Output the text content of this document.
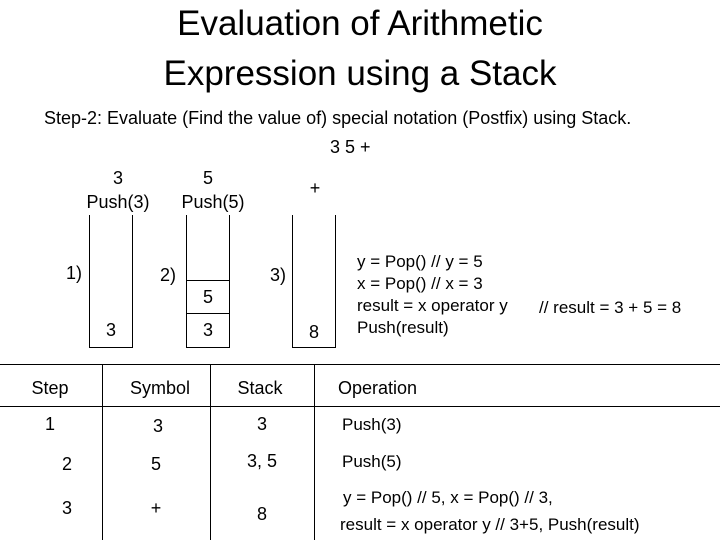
Evaluation of Arithmetic
Expression using a Stack
Step-2: Evaluate (Find the value of) special notation (Postfix) using Stack.
3 5 +
3
Push(3)
5
Push(5)
+
1)	2)	3)
3
5
3	8
y = Pop() // y = 5
x = Pop() // x = 3
result = x operator y // result = 3 + 5 = 8
Push(result)
Step	Symbol	Stack	Operation
1	3	3	Push(3)
2	5	3, 5	Push(5)
3	+	8
y = Pop() // 5, x = Pop() // 3,
result = x operator y // 3+5, Push(result)
